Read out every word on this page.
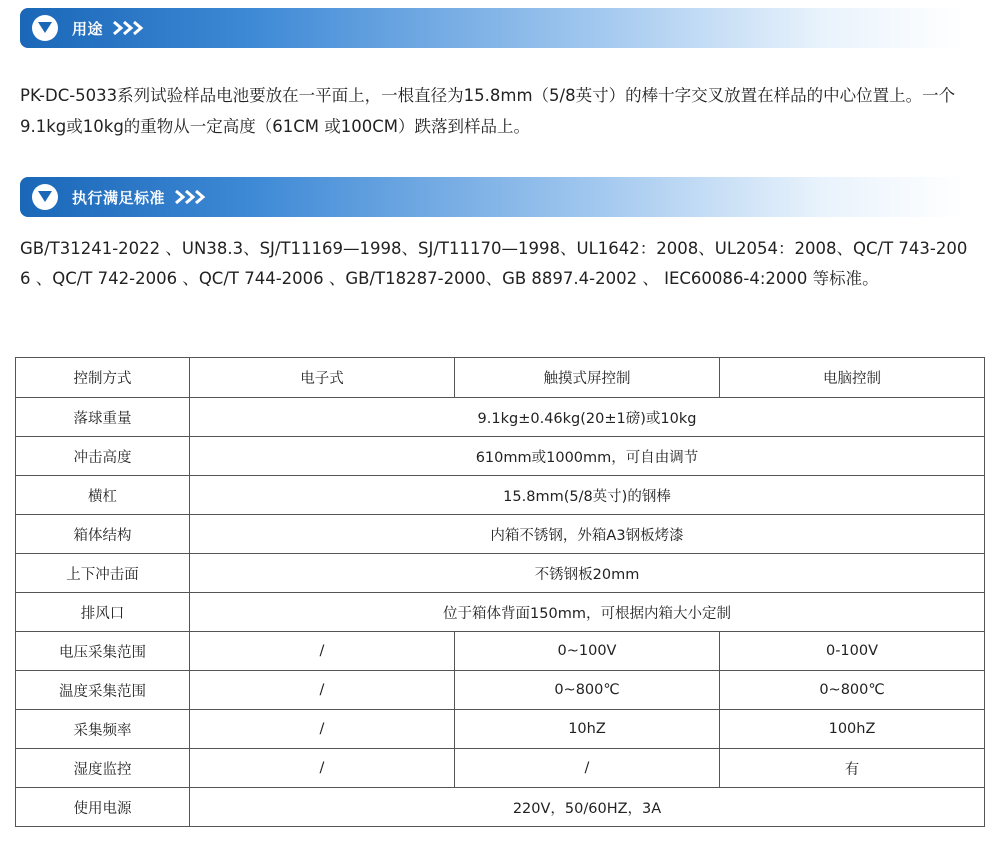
用途

PK-DC-5033系列试验样品电池要放在一平面上，一根直径为15.8mm（5/8英寸）的棒十字交叉放置在样品的中心位置上。一个9.1kg或10kg的重物从一定高度（61CM 或100CM）跌落到样品上。

执行满足标准

GB/T31241-2022 、UN38.3、SJ/T11169—1998、SJ/T11170—1998、UL1642：2008、UL2054：2008、QC/T 743-2006 、QC/T 742-2006 、QC/T 744-2006 、GB/T18287-2000、GB 8897.4-2002 、 IEC60086-4:2000 等标准。

控制方式	电子式	触摸式屏控制	电脑控制
落球重量	9.1kg±0.46kg(20±1磅)或10kg		
冲击高度	610mm或1000mm，可自由调节		
横杠	15.8mm(5/8英寸)的钢棒		
箱体结构	内箱不锈钢，外箱A3钢板烤漆		
上下冲击面	不锈钢板20mm		
排风口	位于箱体背面150mm，可根据内箱大小定制		
电压采集范围	/	0~100V	0-100V
温度采集范围	/	0~800℃	0~800℃
采集频率	/	10hZ	100hZ
湿度监控	/	/	有
使用电源	220V，50/60HZ，3A		
